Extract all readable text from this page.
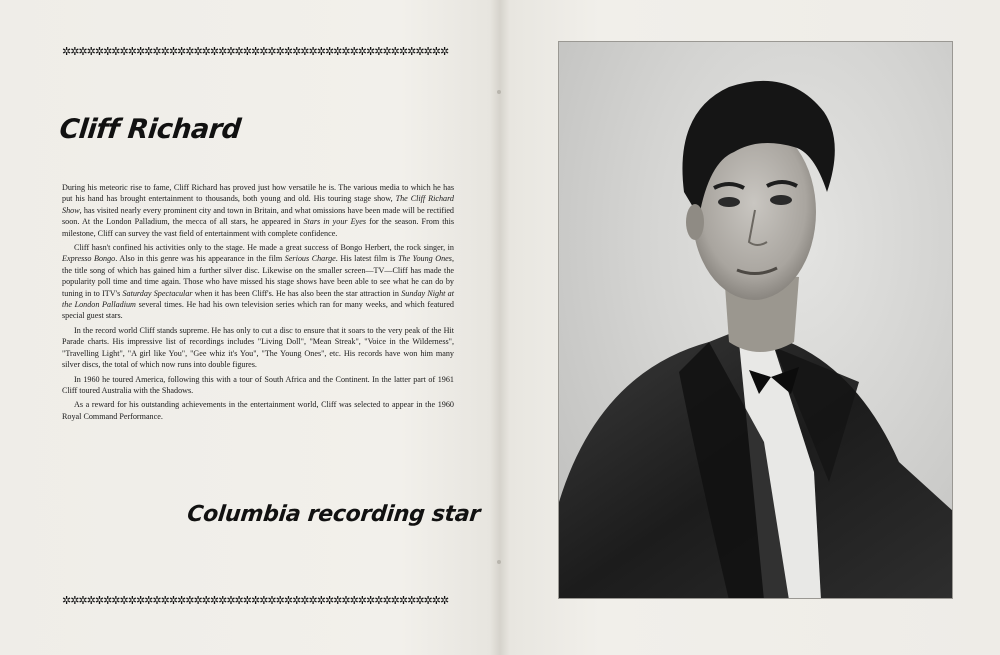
✲✲✲✲✲✲✲✲✲✲✲✲✲✲✲✲✲✲✲✲✲✲✲✲✲✲✲✲✲✲✲✲✲✲✲✲✲✲✲✲✲✲✲✲✲✲✲
Cliff Richard

During his meteoric rise to fame, Cliff Richard has proved just how versatile he is. The various media to which he has put his hand has brought entertainment to thousands, both young and old. His touring stage show, The Cliff Richard Show, has visited nearly every prominent city and town in Britain, and what omissions have been made will be rectified soon. At the London Palladium, the mecca of all stars, he appeared in Stars in your Eyes for the season. From this milestone, Cliff can survey the vast field of entertainment with complete confidence.

Cliff hasn't confined his activities only to the stage. He made a great success of Bongo Herbert, the rock singer, in Expresso Bongo. Also in this genre was his appearance in the film Serious Charge. His latest film is The Young Ones, the title song of which has gained him a further silver disc. Likewise on the smaller screen—TV—Cliff has made the popularity poll time and time again. Those who have missed his stage shows have been able to see what he can do by tuning in to ITV's Saturday Spectacular when it has been Cliff's. He has also been the star attraction in Sunday Night at the London Palladium several times. He had his own television series which ran for many weeks, and which featured special guest stars.

In the record world Cliff stands supreme. He has only to cut a disc to ensure that it soars to the very peak of the Hit Parade charts. His impressive list of recordings includes "Living Doll", "Mean Streak", "Voice in the Wilderness", "Travelling Light", "A girl like You", "Gee whiz it's You", "The Young Ones", etc. His records have won him many silver discs, the total of which now runs into double figures.

In 1960 he toured America, following this with a tour of South Africa and the Continent. In the latter part of 1961 Cliff toured Australia with the Shadows.

As a reward for his outstanding achievements in the entertainment world, Cliff was selected to appear in the 1960 Royal Command Performance.

Columbia recording star
✲✲✲✲✲✲✲✲✲✲✲✲✲✲✲✲✲✲✲✲✲✲✲✲✲✲✲✲✲✲✲✲✲✲✲✲✲✲✲✲✲✲✲✲✲✲✲
